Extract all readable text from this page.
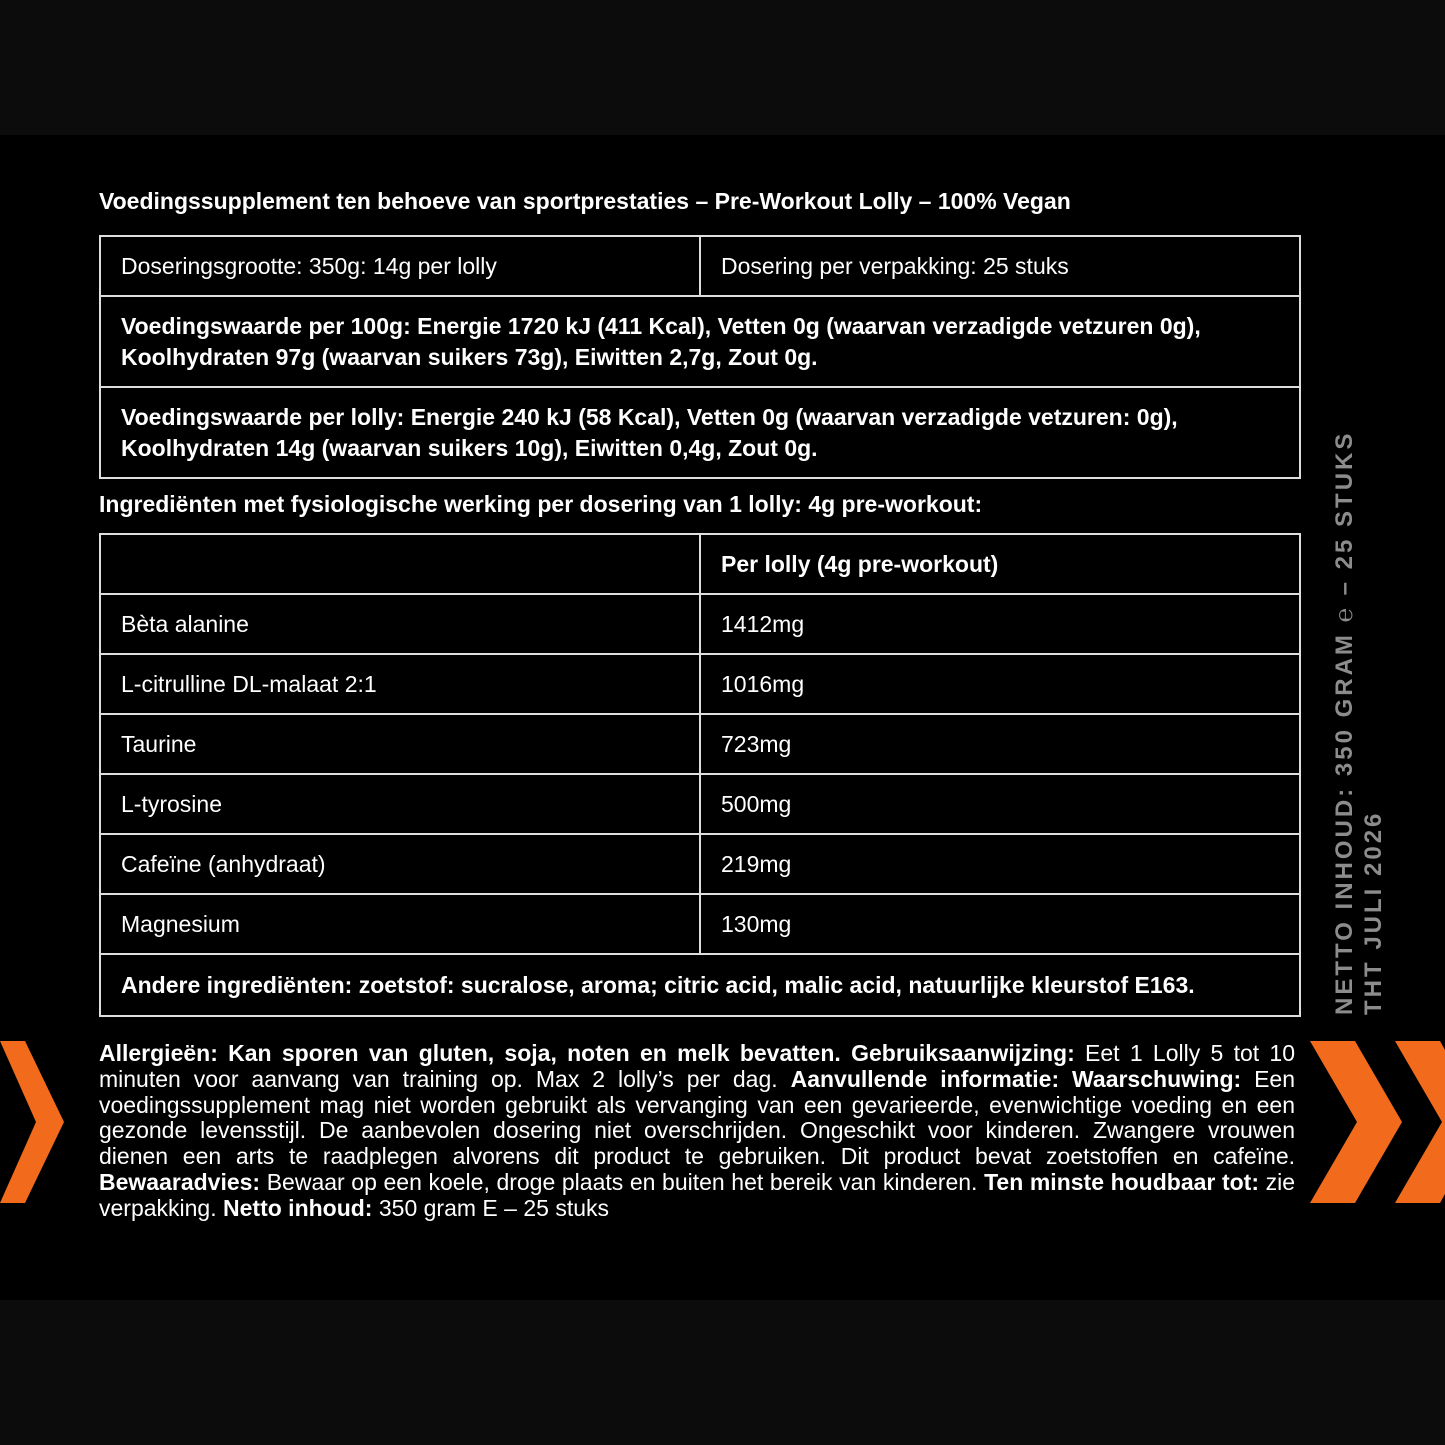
Voedingssupplement ten behoeve van sportprestaties – Pre-Workout Lolly – 100% Vegan
Doseringsgrootte: 350g: 14g per lolly	Dosering per verpakking: 25 stuks
Voedingswaarde per 100g: Energie 1720 kJ (411 Kcal), Vetten 0g (waarvan verzadigde vetzuren 0g),
Koolhydraten 97g (waarvan suikers 73g), Eiwitten 2,7g, Zout 0g.
Voedingswaarde per lolly: Energie 240 kJ (58 Kcal), Vetten 0g (waarvan verzadigde vetzuren: 0g),
Koolhydraten 14g (waarvan suikers 10g), Eiwitten 0,4g, Zout 0g.
Ingrediënten met fysiologische werking per dosering van 1 lolly: 4g pre-workout:
Per lolly (4g pre-workout)
Bèta alanine	1412mg
L-citrulline DL-malaat 2:1	1016mg
Taurine	723mg
L-tyrosine	500mg
Cafeïne (anhydraat)	219mg
Magnesium	130mg
Andere ingrediënten: zoetstof: sucralose, aroma; citric acid, malic acid, natuurlijke kleurstof E163.
Allergieën: Kan sporen van gluten, soja, noten en melk bevatten. Gebruiksaanwijzing: Eet 1 Lolly 5 tot 10 minuten voor aanvang van training op. Max 2 lolly’s per dag. Aanvullende informatie: Waarschuwing: Een voedingssupplement mag niet worden gebruikt als vervanging van een gevarieerde, evenwichtige voeding en een gezonde levensstijl. De aanbevolen dosering niet overschrijden. Ongeschikt voor kinderen. Zwangere vrouwen dienen een arts te raadplegen alvorens dit product te gebruiken. Dit product bevat zoetstoffen en cafeïne. Bewaaradvies: Bewaar op een koele, droge plaats en buiten het bereik van kinderen. Ten minste houdbaar tot: zie verpakking. Netto inhoud: 350 gram E – 25 stuks
NETTO INHOUD: 350 GRAM ℮ – 25 STUKS THT JULI 2026
